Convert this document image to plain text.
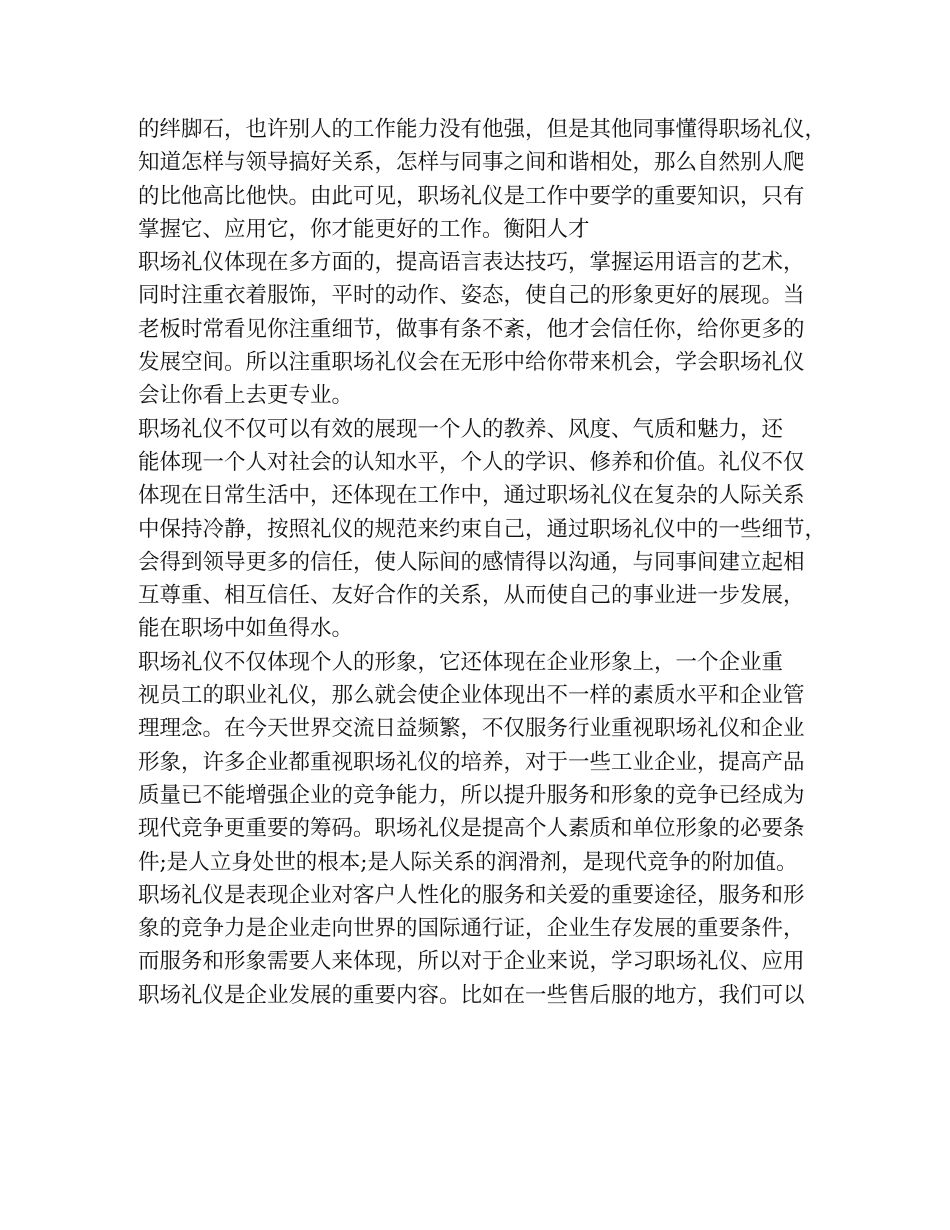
的绊脚石，也许别人的工作能力没有他强，但是其他同事懂得职场礼仪，
知道怎样与领导搞好关系，怎样与同事之间和谐相处，那么自然别人爬
的比他高比他快。由此可见，职场礼仪是工作中要学的重要知识，只有
掌握它、应用它，你才能更好的工作。衡阳人才
职场礼仪体现在多方面的，提高语言表达技巧，掌握运用语言的艺术，
同时注重衣着服饰，平时的动作、姿态，使自己的形象更好的展现。当
老板时常看见你注重细节，做事有条不紊，他才会信任你，给你更多的
发展空间。所以注重职场礼仪会在无形中给你带来机会，学会职场礼仪
会让你看上去更专业。
职场礼仪不仅可以有效的展现一个人的教养、风度、气质和魅力，还
能体现一个人对社会的认知水平，个人的学识、修养和价值。礼仪不仅
体现在日常生活中，还体现在工作中，通过职场礼仪在复杂的人际关系
中保持冷静，按照礼仪的规范来约束自己，通过职场礼仪中的一些细节，
会得到领导更多的信任，使人际间的感情得以沟通，与同事间建立起相
互尊重、相互信任、友好合作的关系，从而使自己的事业进一步发展，
能在职场中如鱼得水。
职场礼仪不仅体现个人的形象，它还体现在企业形象上，一个企业重
视员工的职业礼仪，那么就会使企业体现出不一样的素质水平和企业管
理理念。在今天世界交流日益频繁，不仅服务行业重视职场礼仪和企业
形象，许多企业都重视职场礼仪的培养，对于一些工业企业，提高产品
质量已不能增强企业的竞争能力，所以提升服务和形象的竞争已经成为
现代竞争更重要的筹码。职场礼仪是提高个人素质和单位形象的必要条
件;是人立身处世的根本;是人际关系的润滑剂，是现代竞争的附加值。
职场礼仪是表现企业对客户人性化的服务和关爱的重要途径，服务和形
象的竞争力是企业走向世界的国际通行证，企业生存发展的重要条件，
而服务和形象需要人来体现，所以对于企业来说，学习职场礼仪、应用
职场礼仪是企业发展的重要内容。比如在一些售后服的地方，我们可以
